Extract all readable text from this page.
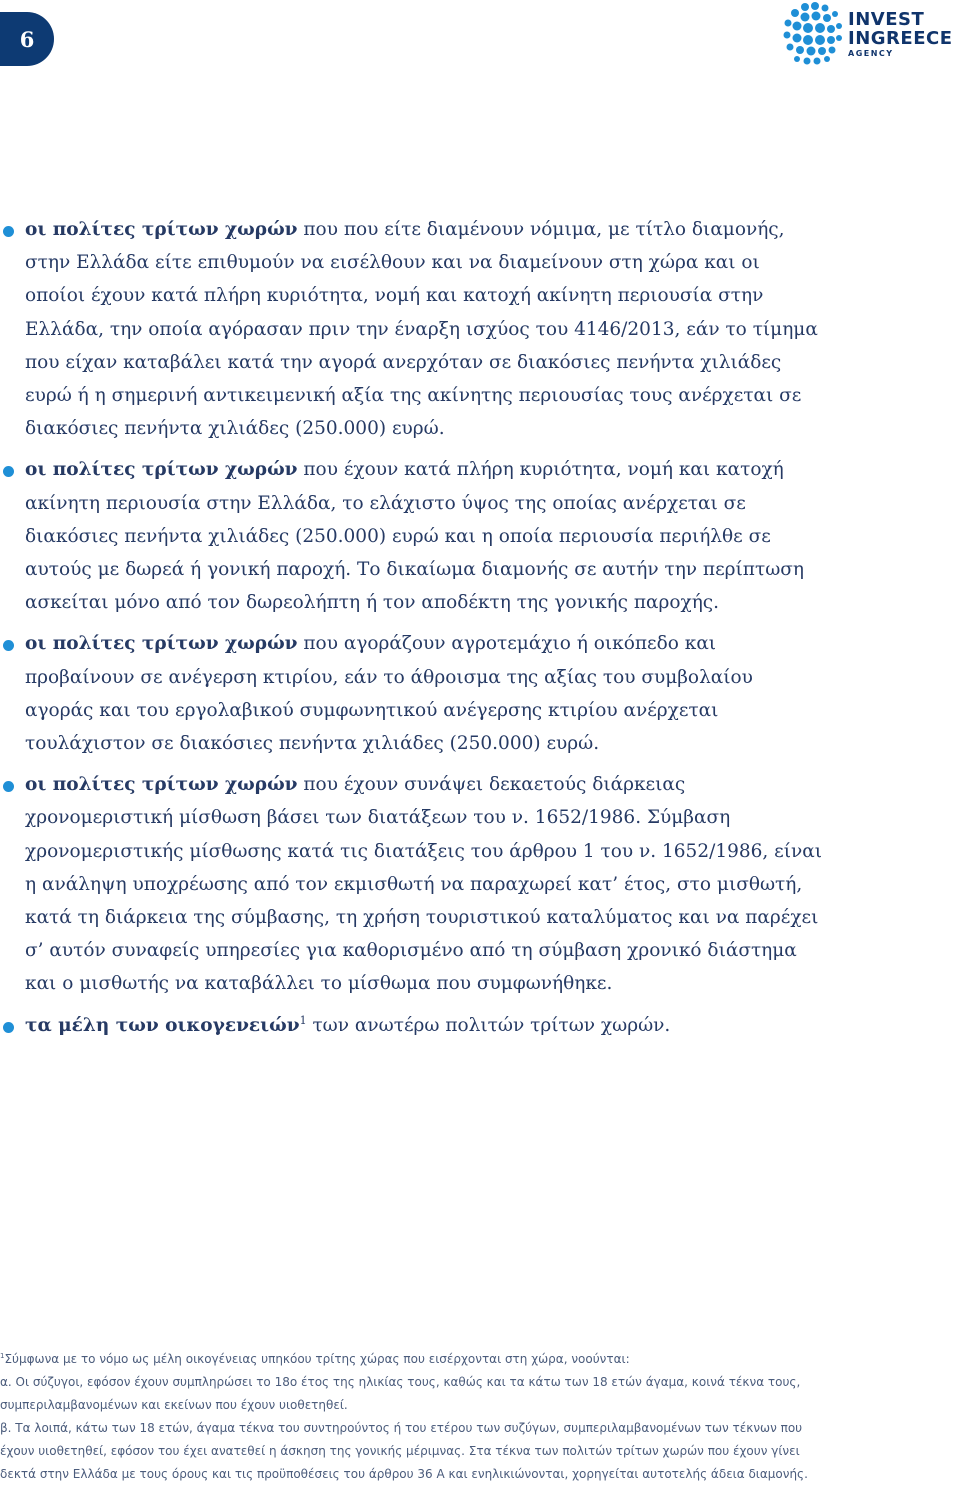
6
INVEST
INGREECE
AGENCY

οι πολίτες τρίτων χωρών που που είτε διαμένουν νόμιμα, με τίτλο διαμονής, στην Ελλάδα είτε επιθυμούν να εισέλθουν και να διαμείνουν στη χώρα και οι οποίοι έχουν κατά πλήρη κυριότητα, νομή και κατοχή ακίνητη περιουσία στην Ελλάδα, την οποία αγόρασαν πριν την έναρξη ισχύος του 4146/2013, εάν το τίμημα που είχαν καταβάλει κατά την αγορά ανερχόταν σε διακόσιες πενήντα χιλιάδες ευρώ ή η σημερινή αντικειμενική αξία της ακίνητης περιουσίας τους ανέρχεται σε διακόσιες πενήντα χιλιάδες (250.000) ευρώ.

οι πολίτες τρίτων χωρών που έχουν κατά πλήρη κυριότητα, νομή και κατοχή ακίνητη περιουσία στην Ελλάδα, το ελάχιστο ύψος της οποίας ανέρχεται σε διακόσιες πενήντα χιλιάδες (250.000) ευρώ και η οποία περιουσία περιήλθε σε αυτούς με δωρεά ή γονική παροχή. Το δικαίωμα διαμονής σε αυτήν την περίπτωση ασκείται μόνο από τον δωρεολήπτη ή τον αποδέκτη της γονικής παροχής.

οι πολίτες τρίτων χωρών που αγοράζουν αγροτεμάχιο ή οικόπεδο και προβαίνουν σε ανέγερση κτιρίου, εάν το άθροισμα της αξίας του συμβολαίου αγοράς και του εργολαβικού συμφωνητικού ανέγερσης κτιρίου ανέρχεται τουλάχιστον σε διακόσιες πενήντα χιλιάδες (250.000) ευρώ.

οι πολίτες τρίτων χωρών που έχουν συνάψει δεκαετούς διάρκειας χρονομεριστική μίσθωση βάσει των διατάξεων του ν. 1652/1986. Σύμβαση χρονομεριστικής μίσθωσης κατά τις διατάξεις του άρθρου 1 του ν. 1652/1986, είναι η ανάληψη υποχρέωσης από τον εκμισθωτή να παραχωρεί κατ’ έτος, στο μισθωτή, κατά τη διάρκεια της σύμβασης, τη χρήση τουριστικού καταλύματος και να παρέχει σ’ αυτόν συναφείς υπηρεσίες για καθορισμένο από τη σύμβαση χρονικό διάστημα και ο μισθωτής να καταβάλλει το μίσθωμα που συμφωνήθηκε.

τα μέλη των οικογενειών$^1$ των ανωτέρω πολιτών τρίτων χωρών.

$^1$Σύμφωνα με το νόμο ως μέλη οικογένειας υπηκόου τρίτης χώρας που εισέρχονται στη χώρα, νοούνται:

α. Οι σύζυγοι, εφόσον έχουν συμπληρώσει το 18ο έτος της ηλικίας τους, καθώς και τα κάτω των 18 ετών άγαμα, κοινά τέκνα τους, συμπεριλαμβανομένων και εκείνων που έχουν υιοθετηθεί.

β. Τα λοιπά, κάτω των 18 ετών, άγαμα τέκνα του συντηρούντος ή του ετέρου των συζύγων, συμπεριλαμβανομένων των τέκνων που έχουν υιοθετηθεί, εφόσον του έχει ανατεθεί η άσκηση της γονικής μέριμνας. Στα τέκνα των πολιτών τρίτων χωρών που έχουν γίνει δεκτά στην Ελλάδα με τους όρους και τις προϋποθέσεις του άρθρου 36 Α και ενηλικιώνονται, χορηγείται αυτοτελής άδεια διαμονής.
